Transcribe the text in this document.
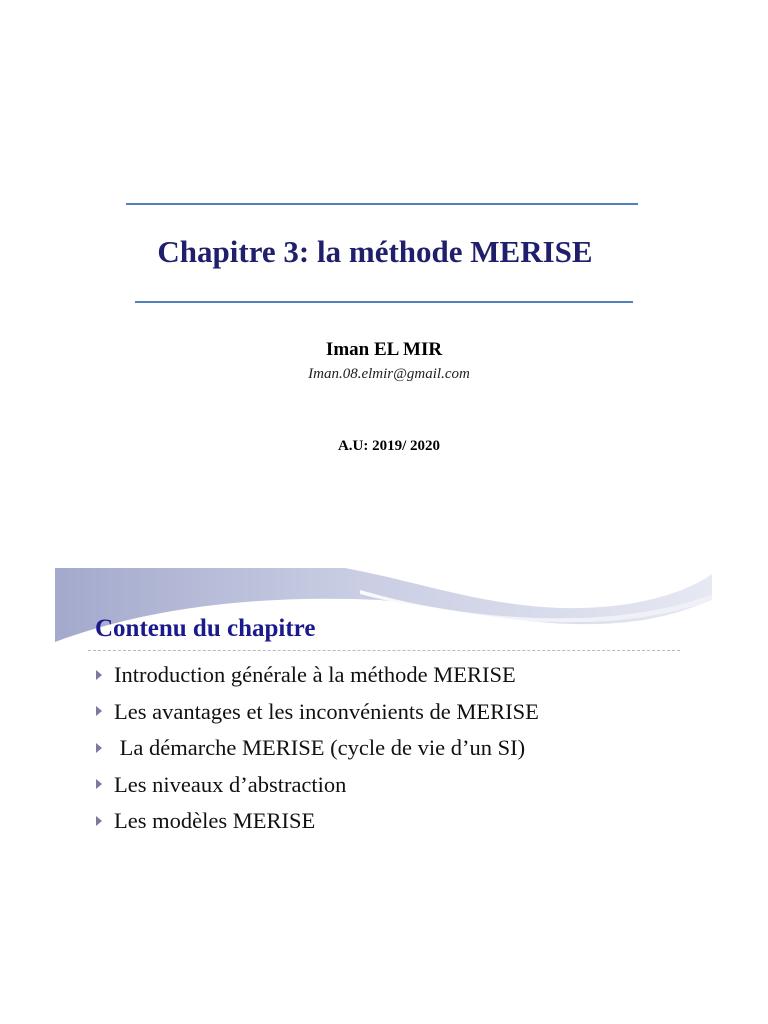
Chapitre 3: la méthode MERISE
Iman EL MIR
Iman.08.elmir@gmail.com
A.U: 2019/ 2020
Contenu du chapitre
Introduction générale à la méthode MERISE
Les avantages et les inconvénients de MERISE
La démarche MERISE (cycle de vie d’un SI)
Les niveaux d’abstraction
Les modèles MERISE
